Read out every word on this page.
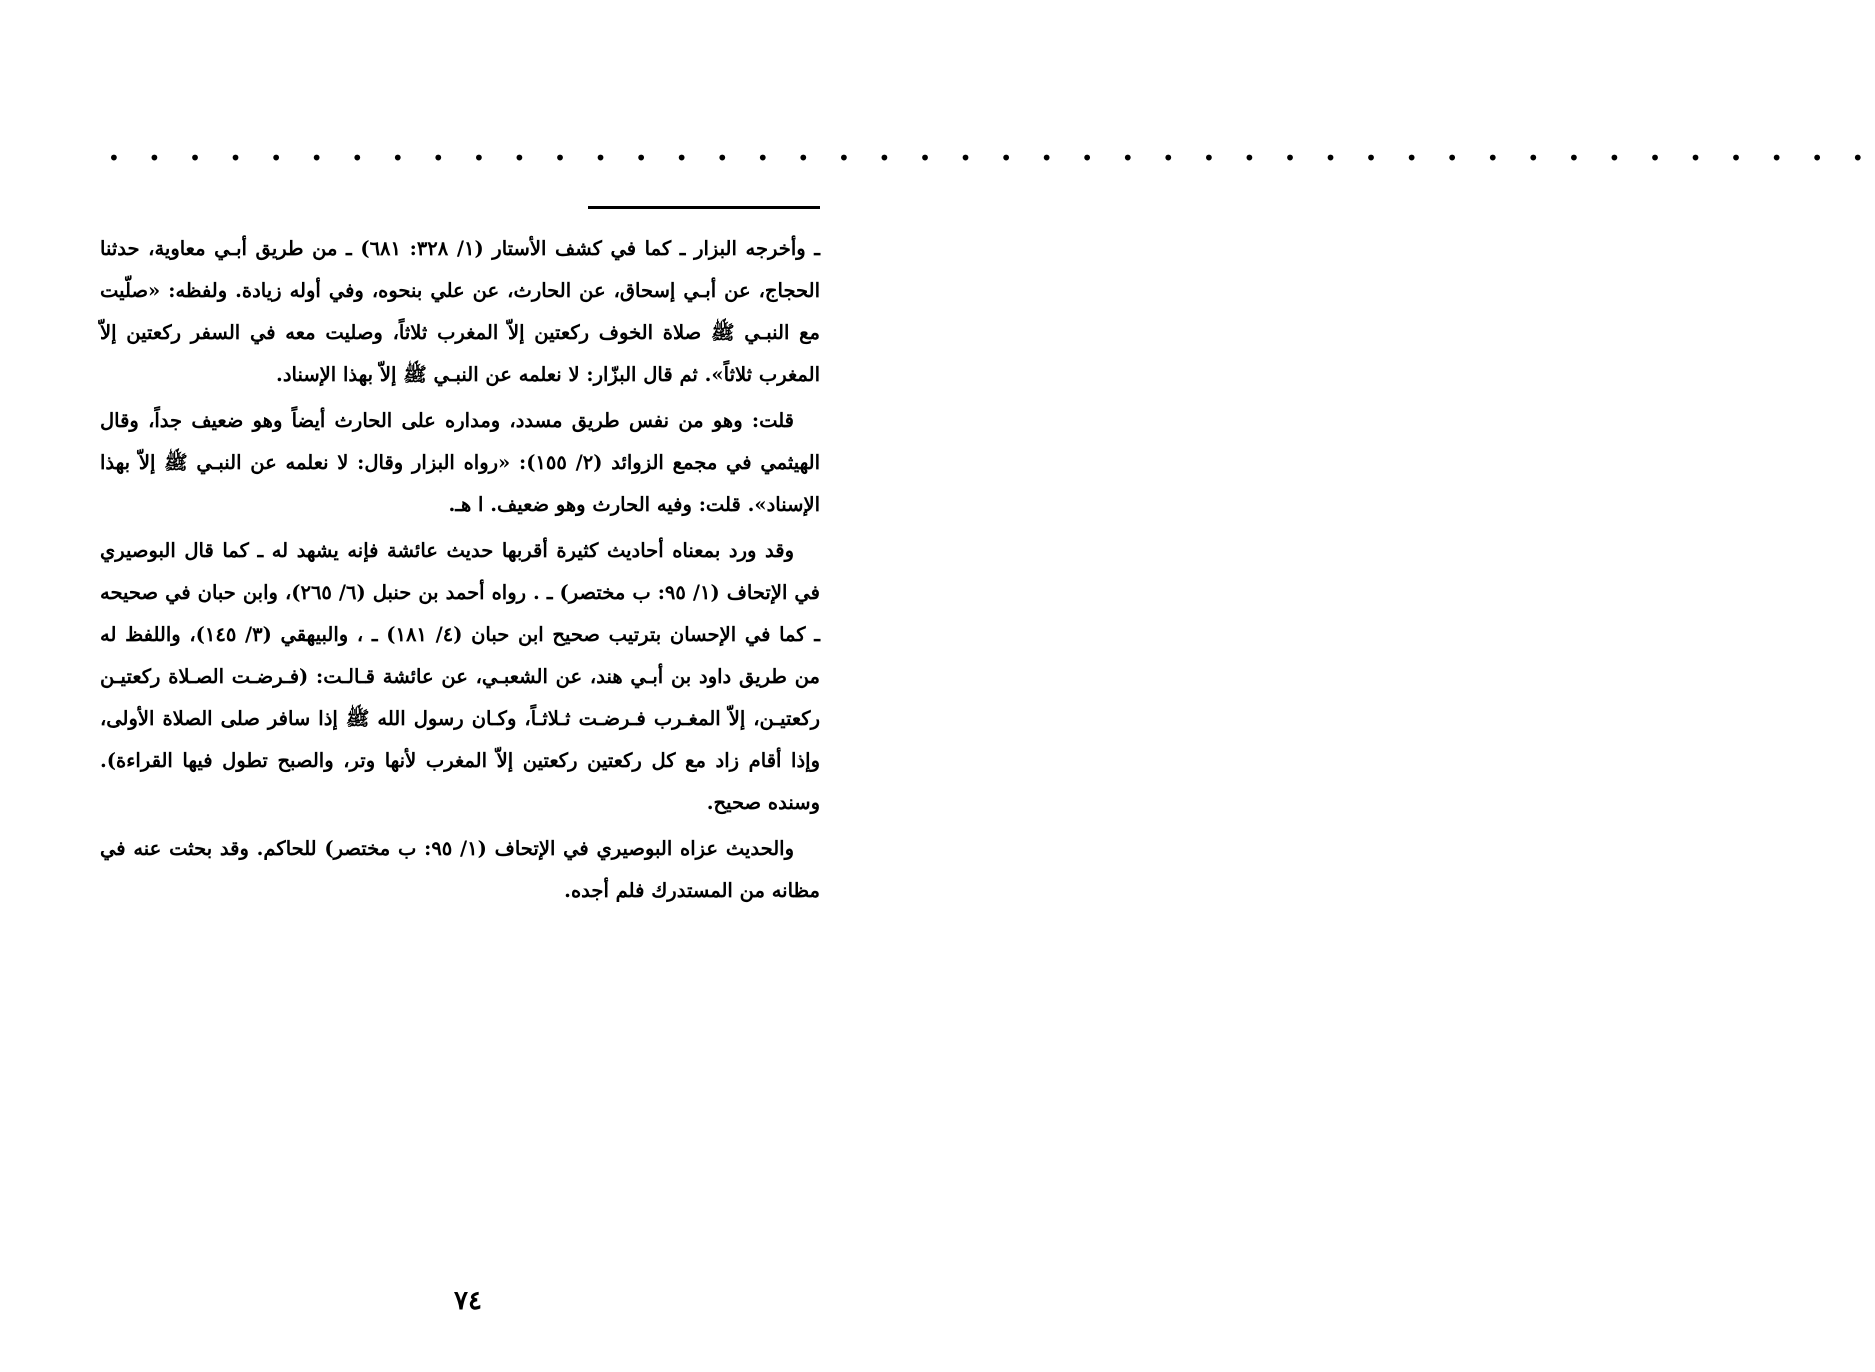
• • • • • • • • • • • • • • • • • • • • • • • • • • • • • • • • • • • • • • • • • • • •

ـ وأخرجه البزار ـ كما في كشف الأستار (١/ ٣٢٨: ٦٨١) ـ من طريق أبـي معاوية، حدثنا الحجاج، عن أبـي إسحاق، عن الحارث، عن علي بنحوه، وفي أوله زيادة. ولفظه: «صلّيت مع النبـي ﷺ صلاة الخوف ركعتين إلاّ المغرب ثلاثاً، وصليت معه في السفر ركعتين إلاّ المغرب ثلاثاً». ثم قال البزّار: لا نعلمه عن النبـي ﷺ إلاّ بهذا الإسناد.

قلت: وهو من نفس طريق مسدد، ومداره على الحارث أيضاً وهو ضعيف جداً، وقال الهيثمي في مجمع الزوائد (٢/ ١٥٥): «رواه البزار وقال: لا نعلمه عن النبـي ﷺ إلاّ بهذا الإسناد». قلت: وفيه الحارث وهو ضعيف. ا هـ.

وقد ورد بمعناه أحاديث كثيرة أقربها حديث عائشة فإنه يشهد له ـ كما قال البوصيري في الإتحاف (١/ ٩٥: ب مختصر) ـ . رواه أحمد بن حنبل (٦/ ٢٦٥)، وابن حبان في صحيحه ـ كما في الإحسان بترتيب صحيح ابن حبان (٤/ ١٨١) ـ ، والبيهقي (٣/ ١٤٥)، واللفظ له من طريق داود بن أبـي هند، عن الشعبـي، عن عائشة قـالـت: (فـرضـت الصـلاة ركعتيـن ركعتيـن، إلاّ المغـرب فـرضـت ثـلاثـاً، وكـان رسول الله ﷺ إذا سافر صلى الصلاة الأولى، وإذا أقام زاد مع كل ركعتين ركعتين إلاّ المغرب لأنها وتر، والصبح تطول فيها القراءة). وسنده صحيح.

والحديث عزاه البوصيري في الإتحاف (١/ ٩٥: ب مختصر) للحاكم. وقد بحثت عنه في مظانه من المستدرك فلم أجده.

٧٤
